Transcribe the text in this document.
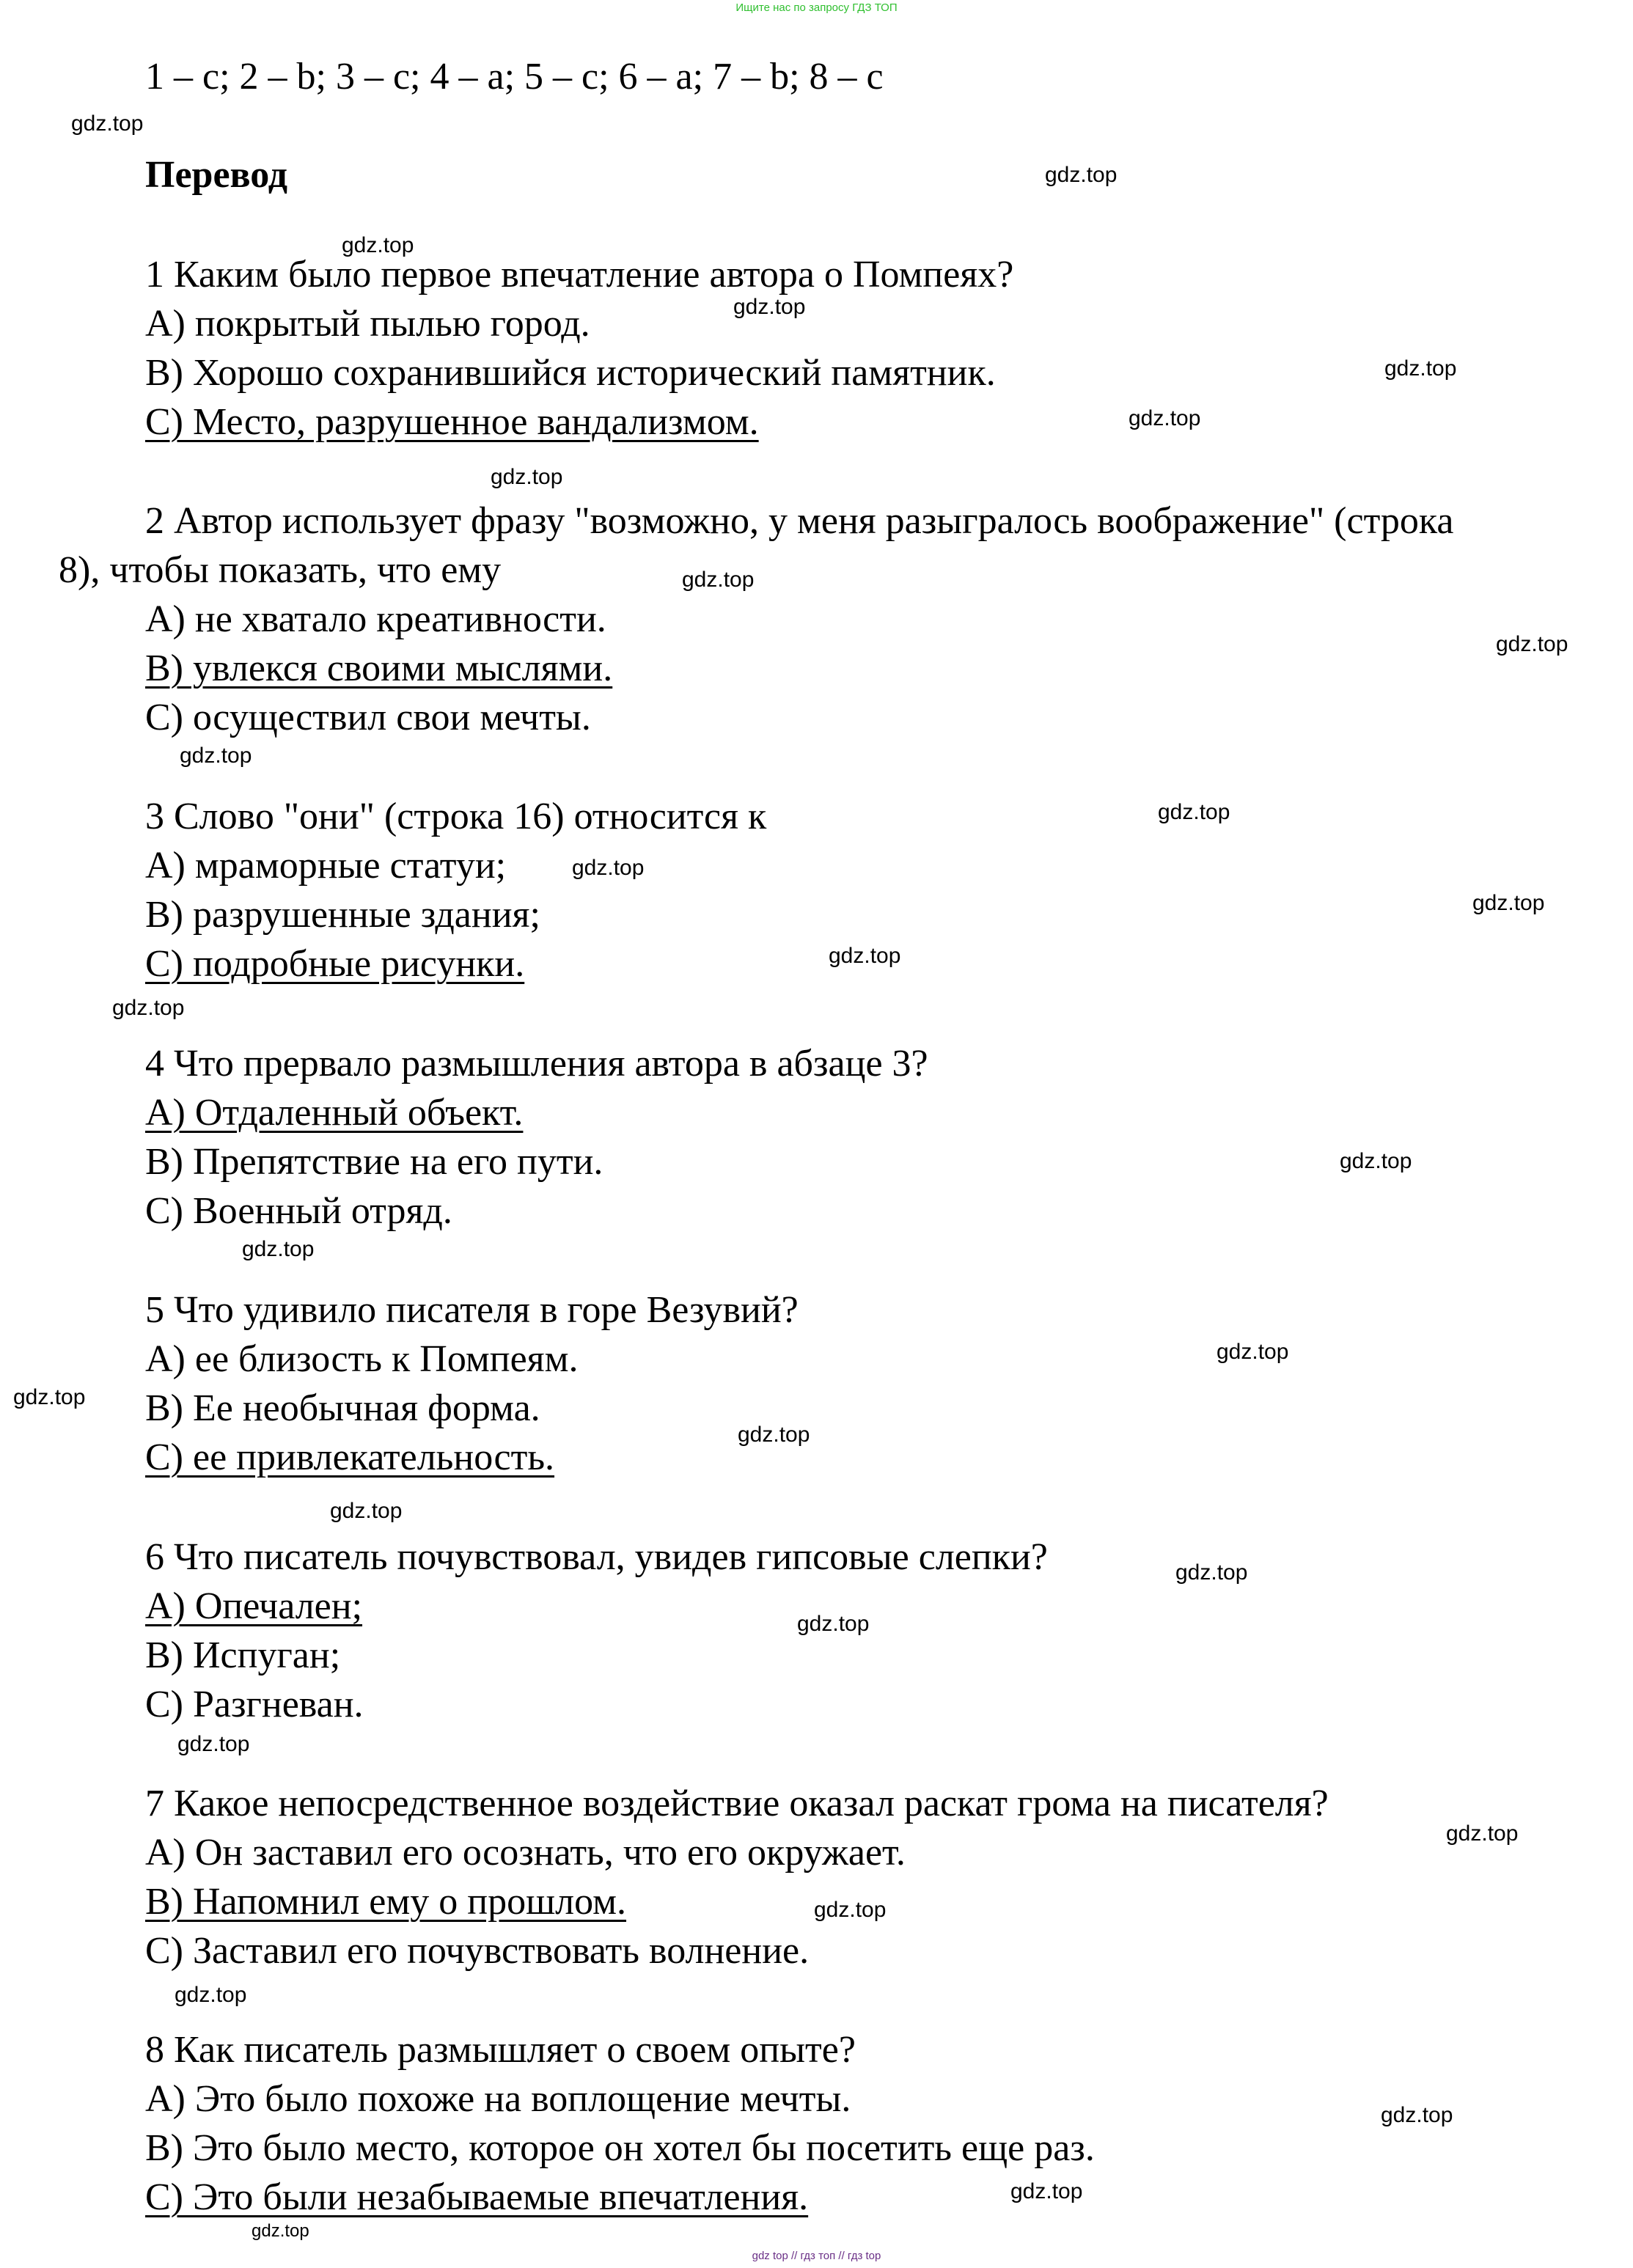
Ищите нас по запросу ГДЗ ТОП
1 – c; 2 – b; 3 – c; 4 – a; 5 – c; 6 – a; 7 – b; 8 – c
Перевод
1 Каким было первое впечатление автора о Помпеях?
A) покрытый пылью город.
B) Хорошо сохранившийся исторический памятник.
C) Место, разрушенное вандализмом.
2 Автор использует фразу "возможно, у меня разыгралось воображение" (строка
8), чтобы показать, что ему
A) не хватало креативности.
B) увлекся своими мыслями.
C) осуществил свои мечты.
3 Слово "они" (строка 16) относится к
A) мраморные статуи;
B) разрушенные здания;
C) подробные рисунки.
4 Что прервало размышления автора в абзаце 3?
A) Отдаленный объект.
B) Препятствие на его пути.
C) Военный отряд.
5 Что удивило писателя в горе Везувий?
A) ее близость к Помпеям.
B) Ее необычная форма.
C) ее привлекательность.
6 Что писатель почувствовал, увидев гипсовые слепки?
A) Опечален;
B) Испуган;
C) Разгневан.
7 Какое непосредственное воздействие оказал раскат грома на писателя?
A) Он заставил его осознать, что его окружает.
B) Напомнил ему о прошлом.
C) Заставил его почувствовать волнение.
8 Как писатель размышляет о своем опыте?
A) Это было похоже на воплощение мечты.
B) Это было место, которое он хотел бы посетить еще раз.
C) Это были незабываемые впечатления.
gdz.top
gdz.top
gdz.top
gdz.top
gdz.top
gdz.top
gdz.top
gdz.top
gdz.top
gdz.top
gdz.top
gdz.top
gdz.top
gdz.top
gdz.top
gdz.top
gdz.top
gdz.top
gdz.top
gdz.top
gdz.top
gdz.top
gdz.top
gdz.top
gdz.top
gdz.top
gdz.top
gdz.top
gdz.top
gdz.top
gdz top // гдз топ // гдз top
